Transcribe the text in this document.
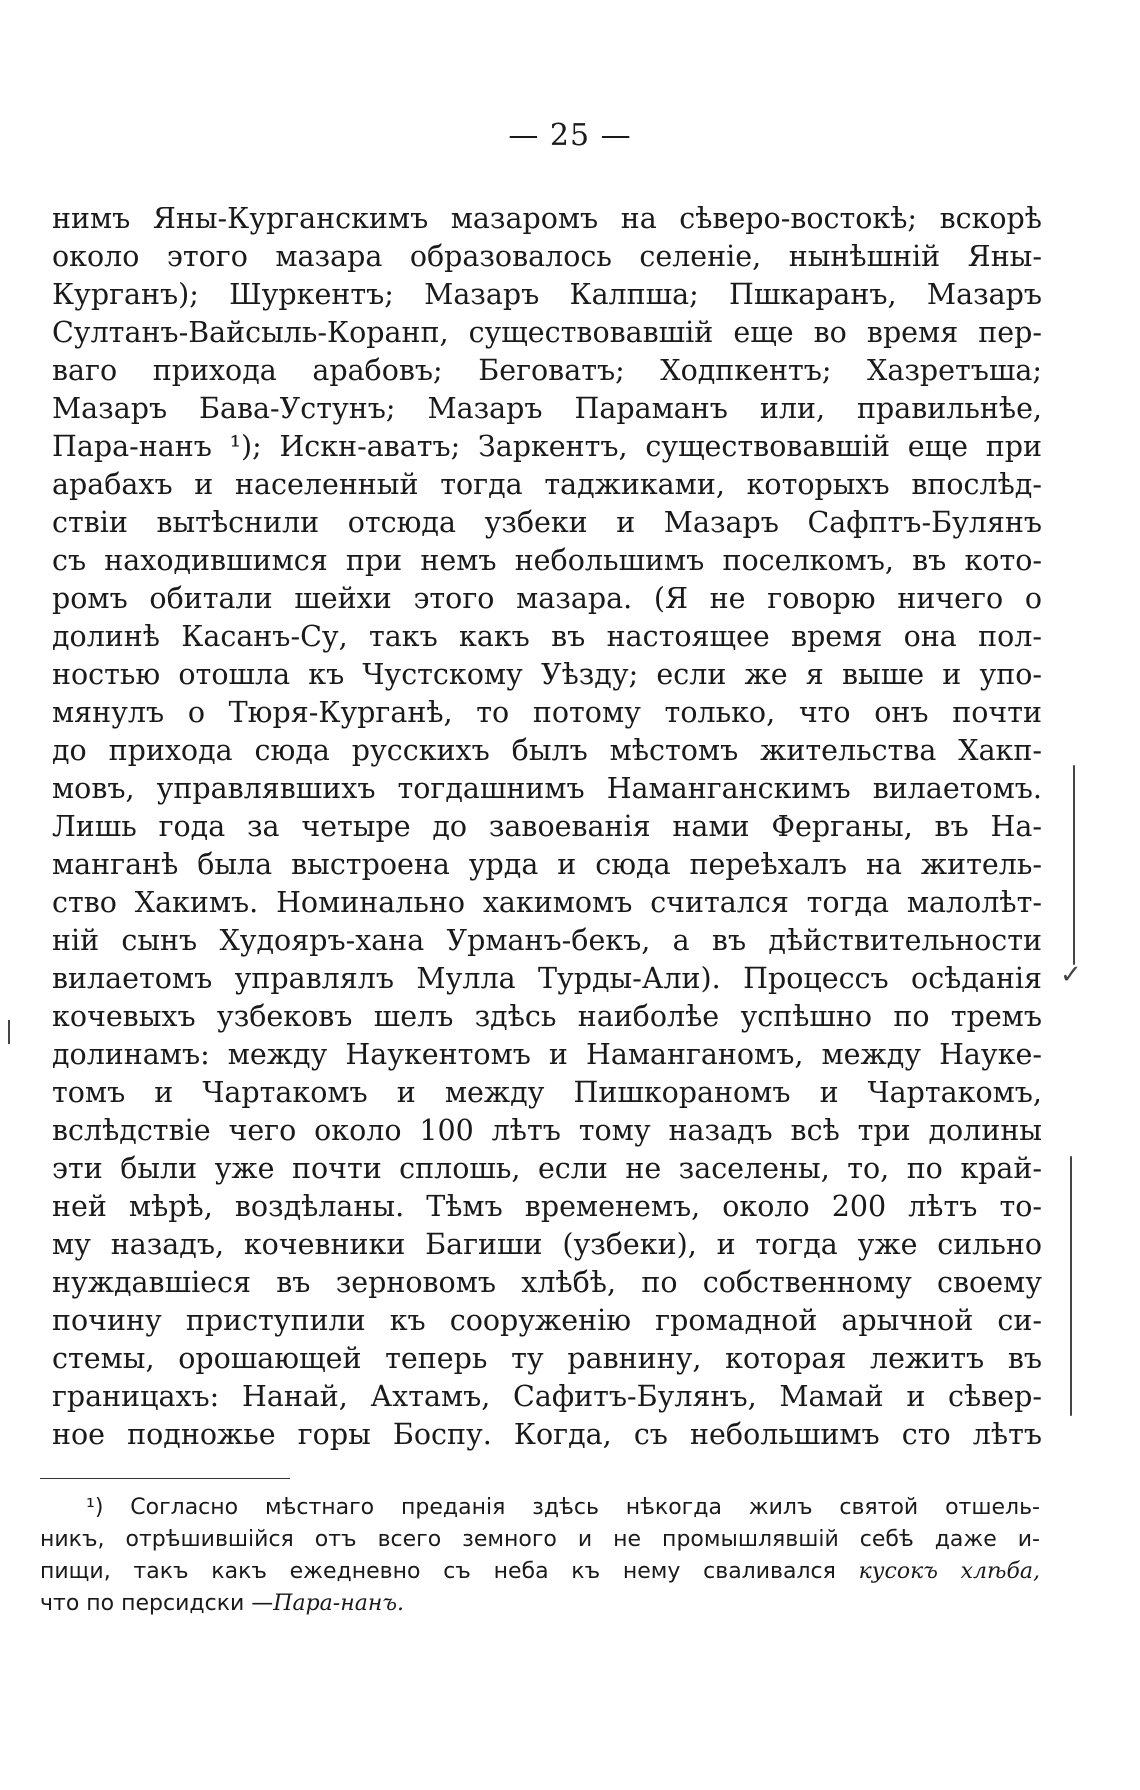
— 25 —
нимъ Яны-Курганскимъ мазаромъ на сѣверо-востокѣ; вскорѣ
около этого мазара образовалось селеніе, нынѣшній Яны-
Курганъ); Шуркентъ; Мазаръ Калпша; Пшкаранъ, Мазаръ
Султанъ-Вайсыль-Коранп, существовавшій еще во время пер-
ваго прихода арабовъ; Беговатъ; Ходпкентъ; Хазретъша;
Мазаръ Бава-Устунъ; Мазаръ Параманъ или, правильнѣе,
Пара-нанъ ¹); Искн-аватъ; Заркентъ, существовавшій еще при
арабахъ и населенный тогда таджиками, которыхъ впослѣд-
ствіи вытѣснили отсюда узбеки и Мазаръ Сафптъ-Булянъ
съ находившимся при немъ небольшимъ поселкомъ, въ кото-
ромъ обитали шейхи этого мазара. (Я не говорю ничего о
долинѣ Касанъ-Су, такъ какъ въ настоящее время она пол-
ностью отошла къ Чустскому Уѣзду; если же я выше и упо-
мянулъ о Тюря-Курганѣ, то потому только, что онъ почти
до прихода сюда русскихъ былъ мѣстомъ жительства Хакп-
мовъ, управлявшихъ тогдашнимъ Наманганскимъ вилаетомъ.
Лишь года за четыре до завоеванія нами Ферганы, въ На-
манганѣ была выстроена урда и сюда переѣхалъ на житель-
ство Хакимъ. Номинально хакимомъ считался тогда малолѣт-
ній сынъ Худояръ-хана Урманъ-бекъ, а въ дѣйствительности
вилаетомъ управлялъ Мулла Турды-Али). Процессъ осѣданія
кочевыхъ узбековъ шелъ здѣсь наиболѣе успѣшно по тремъ
долинамъ: между Наукентомъ и Наманганомъ, между Науке-
томъ и Чартакомъ и между Пишкораномъ и Чартакомъ,
вслѣдствіе чего около 100 лѣтъ тому назадъ всѣ три долины
эти были уже почти сплошь, если не заселены, то, по край-
ней мѣрѣ, воздѣланы. Тѣмъ временемъ, около 200 лѣтъ то-
му назадъ, кочевники Багиши (узбеки), и тогда уже сильно
нуждавшіеся въ зерновомъ хлѣбѣ, по собственному своему
почину приступили къ сооруженію громадной арычной си-
стемы, орошающей теперь ту равнину, которая лежитъ въ
границахъ: Нанай, Ахтамъ, Сафитъ-Булянъ, Мамай и сѣвер-
ное подножье горы Боспу. Когда, съ небольшимъ сто лѣтъ
✓
¹) Согласно мѣстнаго преданія здѣсь нѣкогда жилъ святой отшель-
никъ, отрѣшившійся отъ всего земного и не промышлявшій себѣ даже и-
пищи, такъ какъ ежедневно съ неба къ нему сваливался кусокъ хлѣба,
что по персидски —Пара-нанъ.
